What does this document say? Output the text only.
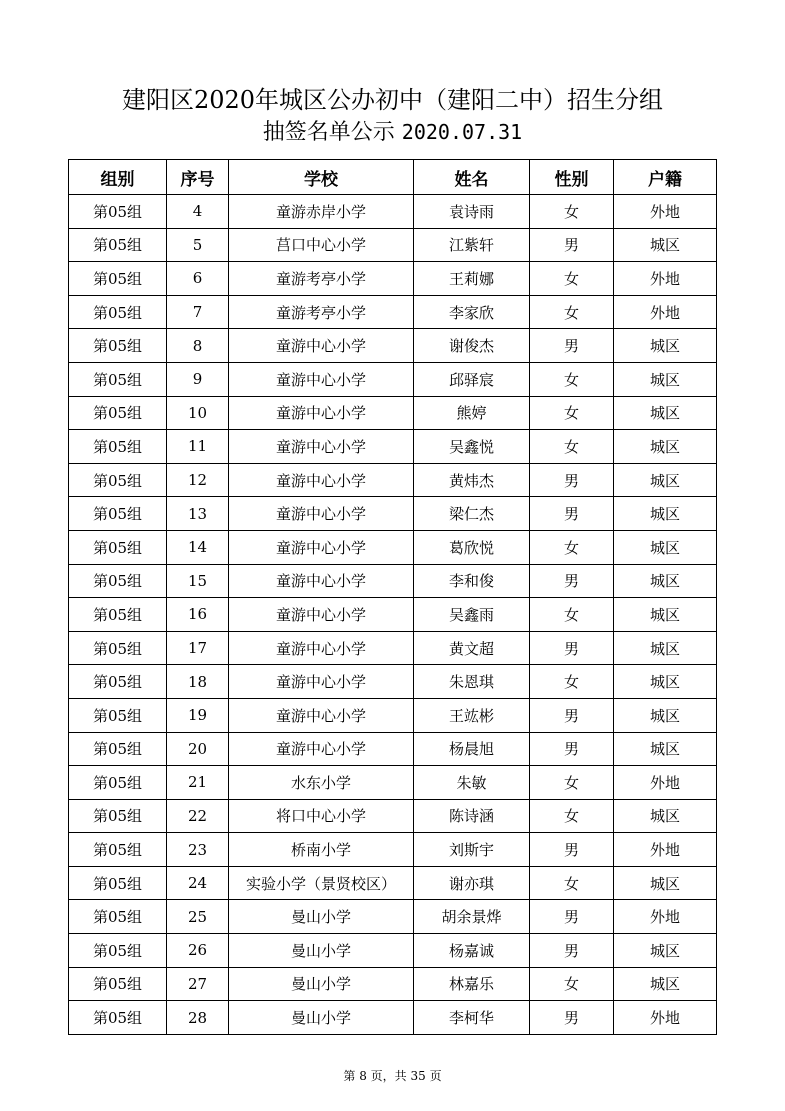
建阳区2020年城区公办初中（建阳二中）招生分组
抽签名单公示 2020.07.31
组别	序号	学校	姓名	性别	户籍
第05组	4	童游赤岸小学	袁诗雨	女	外地
第05组	5	莒口中心小学	江紫轩	男	城区
第05组	6	童游考亭小学	王莉娜	女	外地
第05组	7	童游考亭小学	李家欣	女	外地
第05组	8	童游中心小学	谢俊杰	男	城区
第05组	9	童游中心小学	邱驿宸	女	城区
第05组	10	童游中心小学	熊婷	女	城区
第05组	11	童游中心小学	吴鑫悦	女	城区
第05组	12	童游中心小学	黄炜杰	男	城区
第05组	13	童游中心小学	梁仁杰	男	城区
第05组	14	童游中心小学	葛欣悦	女	城区
第05组	15	童游中心小学	李和俊	男	城区
第05组	16	童游中心小学	吴鑫雨	女	城区
第05组	17	童游中心小学	黄文超	男	城区
第05组	18	童游中心小学	朱恩琪	女	城区
第05组	19	童游中心小学	王竑彬	男	城区
第05组	20	童游中心小学	杨晨旭	男	城区
第05组	21	水东小学	朱敏	女	外地
第05组	22	将口中心小学	陈诗涵	女	城区
第05组	23	桥南小学	刘斯宇	男	外地
第05组	24	实验小学（景贤校区）	谢亦琪	女	城区
第05组	25	曼山小学	胡余景烨	男	外地
第05组	26	曼山小学	杨嘉诚	男	城区
第05组	27	曼山小学	林嘉乐	女	城区
第05组	28	曼山小学	李柯华	男	外地
第 8 页，共 35 页
